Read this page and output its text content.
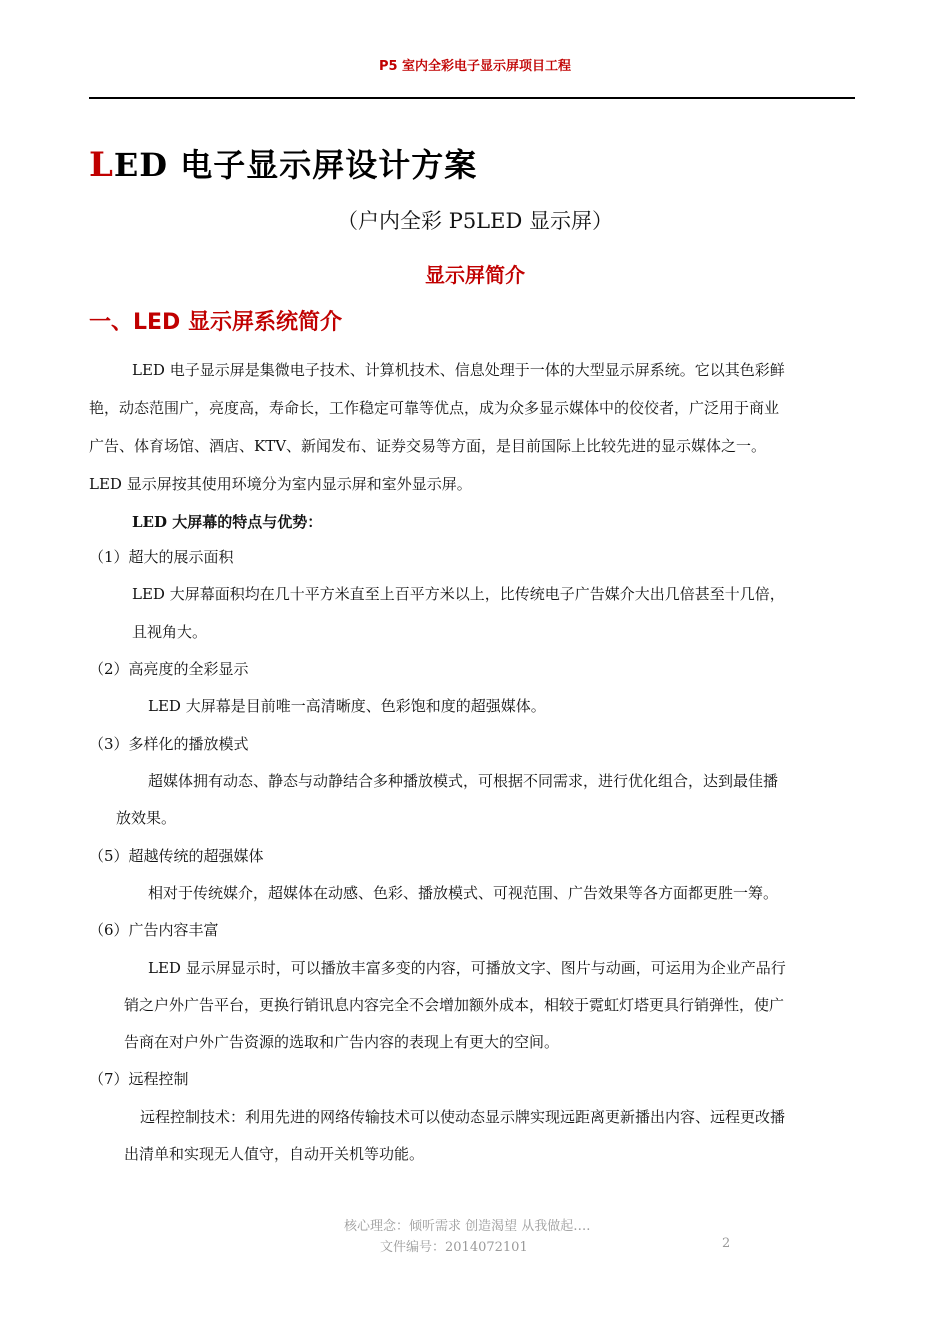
P5 室内全彩电子显示屏项目工程
LED 电子显示屏设计方案
（户内全彩 P5LED 显示屏）
显示屏简介
一、LED 显示屏系统简介
LED 电子显示屏是集微电子技术、计算机技术、信息处理于一体的大型显示屏系统。它以其色彩鲜
艳，动态范围广，亮度高，寿命长，工作稳定可靠等优点，成为众多显示媒体中的佼佼者，广泛用于商业
广告、体育场馆、酒店、KTV、新闻发布、证券交易等方面，是目前国际上比较先进的显示媒体之一。
LED 显示屏按其使用环境分为室内显示屏和室外显示屏。
LED 大屏幕的特点与优势：
（1）超大的展示面积
LED 大屏幕面积均在几十平方米直至上百平方米以上，比传统电子广告媒介大出几倍甚至十几倍，
且视角大。
（2）高亮度的全彩显示
LED 大屏幕是目前唯一高清晰度、色彩饱和度的超强媒体。
（3）多样化的播放模式
超媒体拥有动态、静态与动静结合多种播放模式，可根据不同需求，进行优化组合，达到最佳播
放效果。
（5）超越传统的超强媒体
相对于传统媒介，超媒体在动感、色彩、播放模式、可视范围、广告效果等各方面都更胜一筹。
（6）广告内容丰富
LED 显示屏显示时，可以播放丰富多变的内容，可播放文字、图片与动画，可运用为企业产品行
销之户外广告平台，更换行销讯息内容完全不会增加额外成本，相较于霓虹灯塔更具行销弹性，使广
告商在对户外广告资源的选取和广告内容的表现上有更大的空间。
（7）远程控制
远程控制技术：利用先进的网络传输技术可以使动态显示牌实现远距离更新播出内容、远程更改播
出清单和实现无人值守，自动开关机等功能。
核心理念：倾听需求 创造渴望 从我做起….
文件编号：2014072101	2
